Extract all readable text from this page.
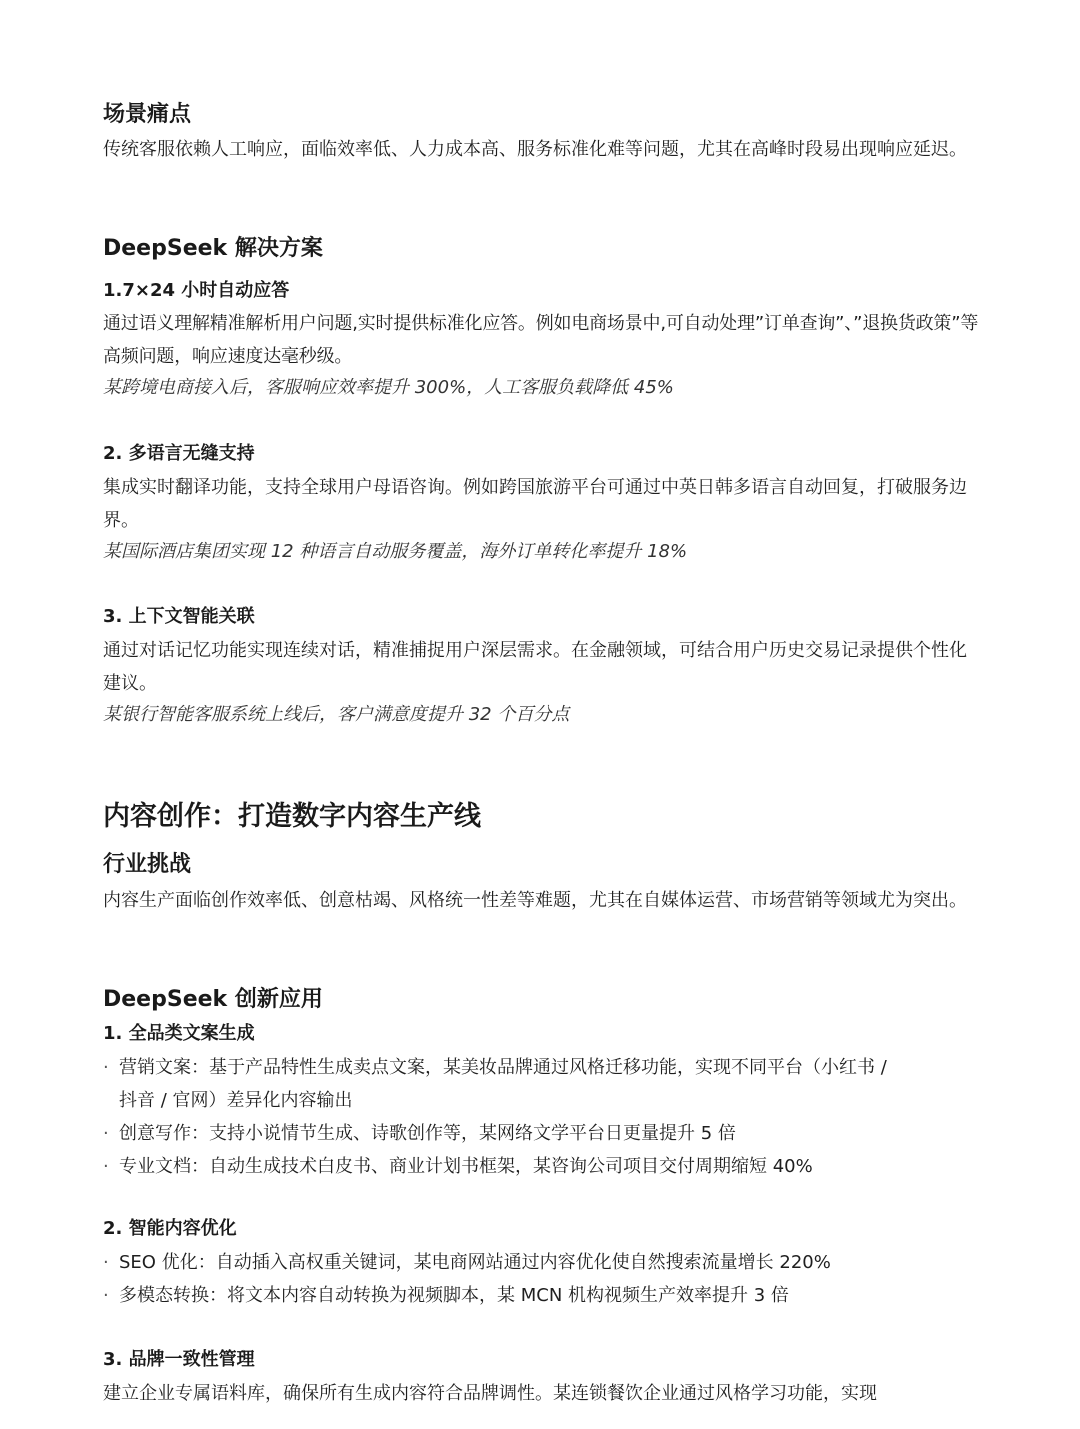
场景痛点

传统客服依赖人工响应，面临效率低、人力成本高、服务标准化难等问题，尤其在高峰时段易出现响应延迟。

DeepSeek 解决方案
1.7×24 小时自动应答

通过语义理解精准解析用户问题,实时提供标准化应答。例如电商场景中,可自动处理”订单查询”、”退换货政策”等高频问题，响应速度达毫秒级。

某跨境电商接入后，客服响应效率提升 300%，人工客服负载降低 45%

2. 多语言无缝支持

集成实时翻译功能，支持全球用户母语咨询。例如跨国旅游平台可通过中英日韩多语言自动回复，打破服务边界。

某国际酒店集团实现 12 种语言自动服务覆盖，海外订单转化率提升 18%

3. 上下文智能关联

通过对话记忆功能实现连续对话，精准捕捉用户深层需求。在金融领域，可结合用户历史交易记录提供个性化建议。

某银行智能客服系统上线后，客户满意度提升 32 个百分点

内容创作：打造数字内容生产线
行业挑战

内容生产面临创作效率低、创意枯竭、风格统一性差等难题，尤其在自媒体运营、市场营销等领域尤为突出。

DeepSeek 创新应用
1. 全品类文案生成
· 营销文案：基于产品特性生成卖点文案，某美妆品牌通过风格迁移功能，实现不同平台（小红书 /
抖音 / 官网）差异化内容输出
· 创意写作：支持小说情节生成、诗歌创作等，某网络文学平台日更量提升 5 倍
· 专业文档：自动生成技术白皮书、商业计划书框架，某咨询公司项目交付周期缩短 40%
2. 智能内容优化
· SEO 优化：自动插入高权重关键词，某电商网站通过内容优化使自然搜索流量增长 220%
· 多模态转换：将文本内容自动转换为视频脚本，某 MCN 机构视频生产效率提升 3 倍
3. 品牌一致性管理

建立企业专属语料库，确保所有生成内容符合品牌调性。某连锁餐饮企业通过风格学习功能，实现
